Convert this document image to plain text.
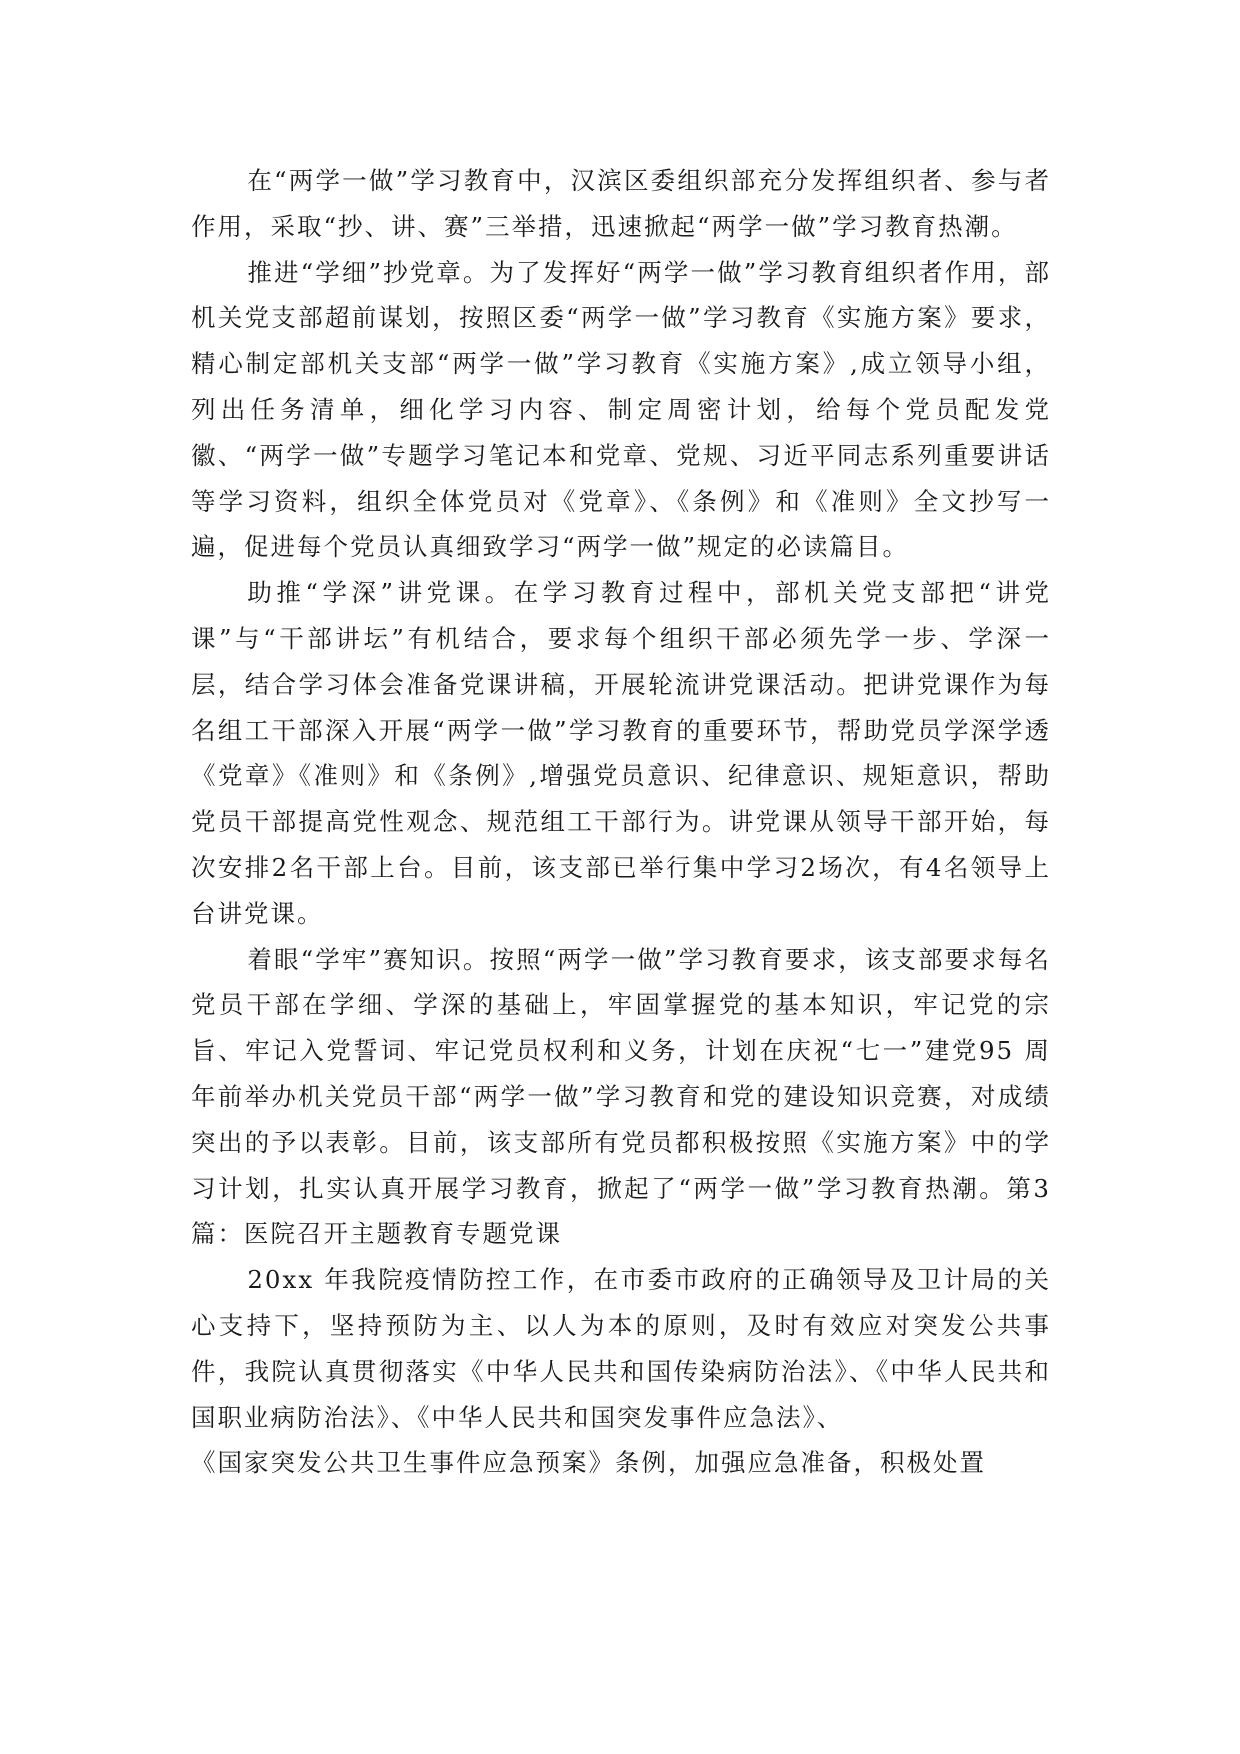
在“两学一做”学习教育中，汉滨区委组织部充分发挥组织者、参与者作用，采取“抄、讲、赛”三举措，迅速掀起“两学一做”学习教育热潮。

推进“学细”抄党章。为了发挥好“两学一做”学习教育组织者作用，部机关党支部超前谋划，按照区委“两学一做”学习教育《实施方案》要求，精心制定部机关支部“两学一做”学习教育《实施方案》,成立领导小组，列出任务清单，细化学习内容、制定周密计划，给每个党员配发党徽、“两学一做”专题学习笔记本和党章、党规、习近平同志系列重要讲话等学习资料，组织全体党员对《党章》、《条例》和《准则》全文抄写一遍，促进每个党员认真细致学习“两学一做”规定的必读篇目。

助推“学深”讲党课。在学习教育过程中，部机关党支部把“讲党课”与“干部讲坛”有机结合，要求每个组织干部必须先学一步、学深一层，结合学习体会准备党课讲稿，开展轮流讲党课活动。把讲党课作为每名组工干部深入开展“两学一做”学习教育的重要环节，帮助党员学深学透《党章》《准则》和《条例》,增强党员意识、纪律意识、规矩意识，帮助党员干部提高党性观念、规范组工干部行为。讲党课从领导干部开始，每次安排2名干部上台。目前，该支部已举行集中学习2场次，有4名领导上台讲党课。

着眼“学牢”赛知识。按照“两学一做”学习教育要求，该支部要求每名党员干部在学细、学深的基础上，牢固掌握党的基本知识，牢记党的宗旨、牢记入党誓词、牢记党员权利和义务，计划在庆祝“七一”建党95 周年前举办机关党员干部“两学一做”学习教育和党的建设知识竞赛，对成绩突出的予以表彰。目前，该支部所有党员都积极按照《实施方案》中的学习计划，扎实认真开展学习教育，掀起了“两学一做”学习教育热潮。第3篇：医院召开主题教育专题党课

20xx 年我院疫情防控工作，在市委市政府的正确领导及卫计局的关心支持下，坚持预防为主、以人为本的原则，及时有效应对突发公共事件，我院认真贯彻落实《中华人民共和国传染病防治法》、《中华人民共和国职业病防治法》、《中华人民共和国突发事件应急法》、

《国家突发公共卫生事件应急预案》条例，加强应急准备，积极处置
